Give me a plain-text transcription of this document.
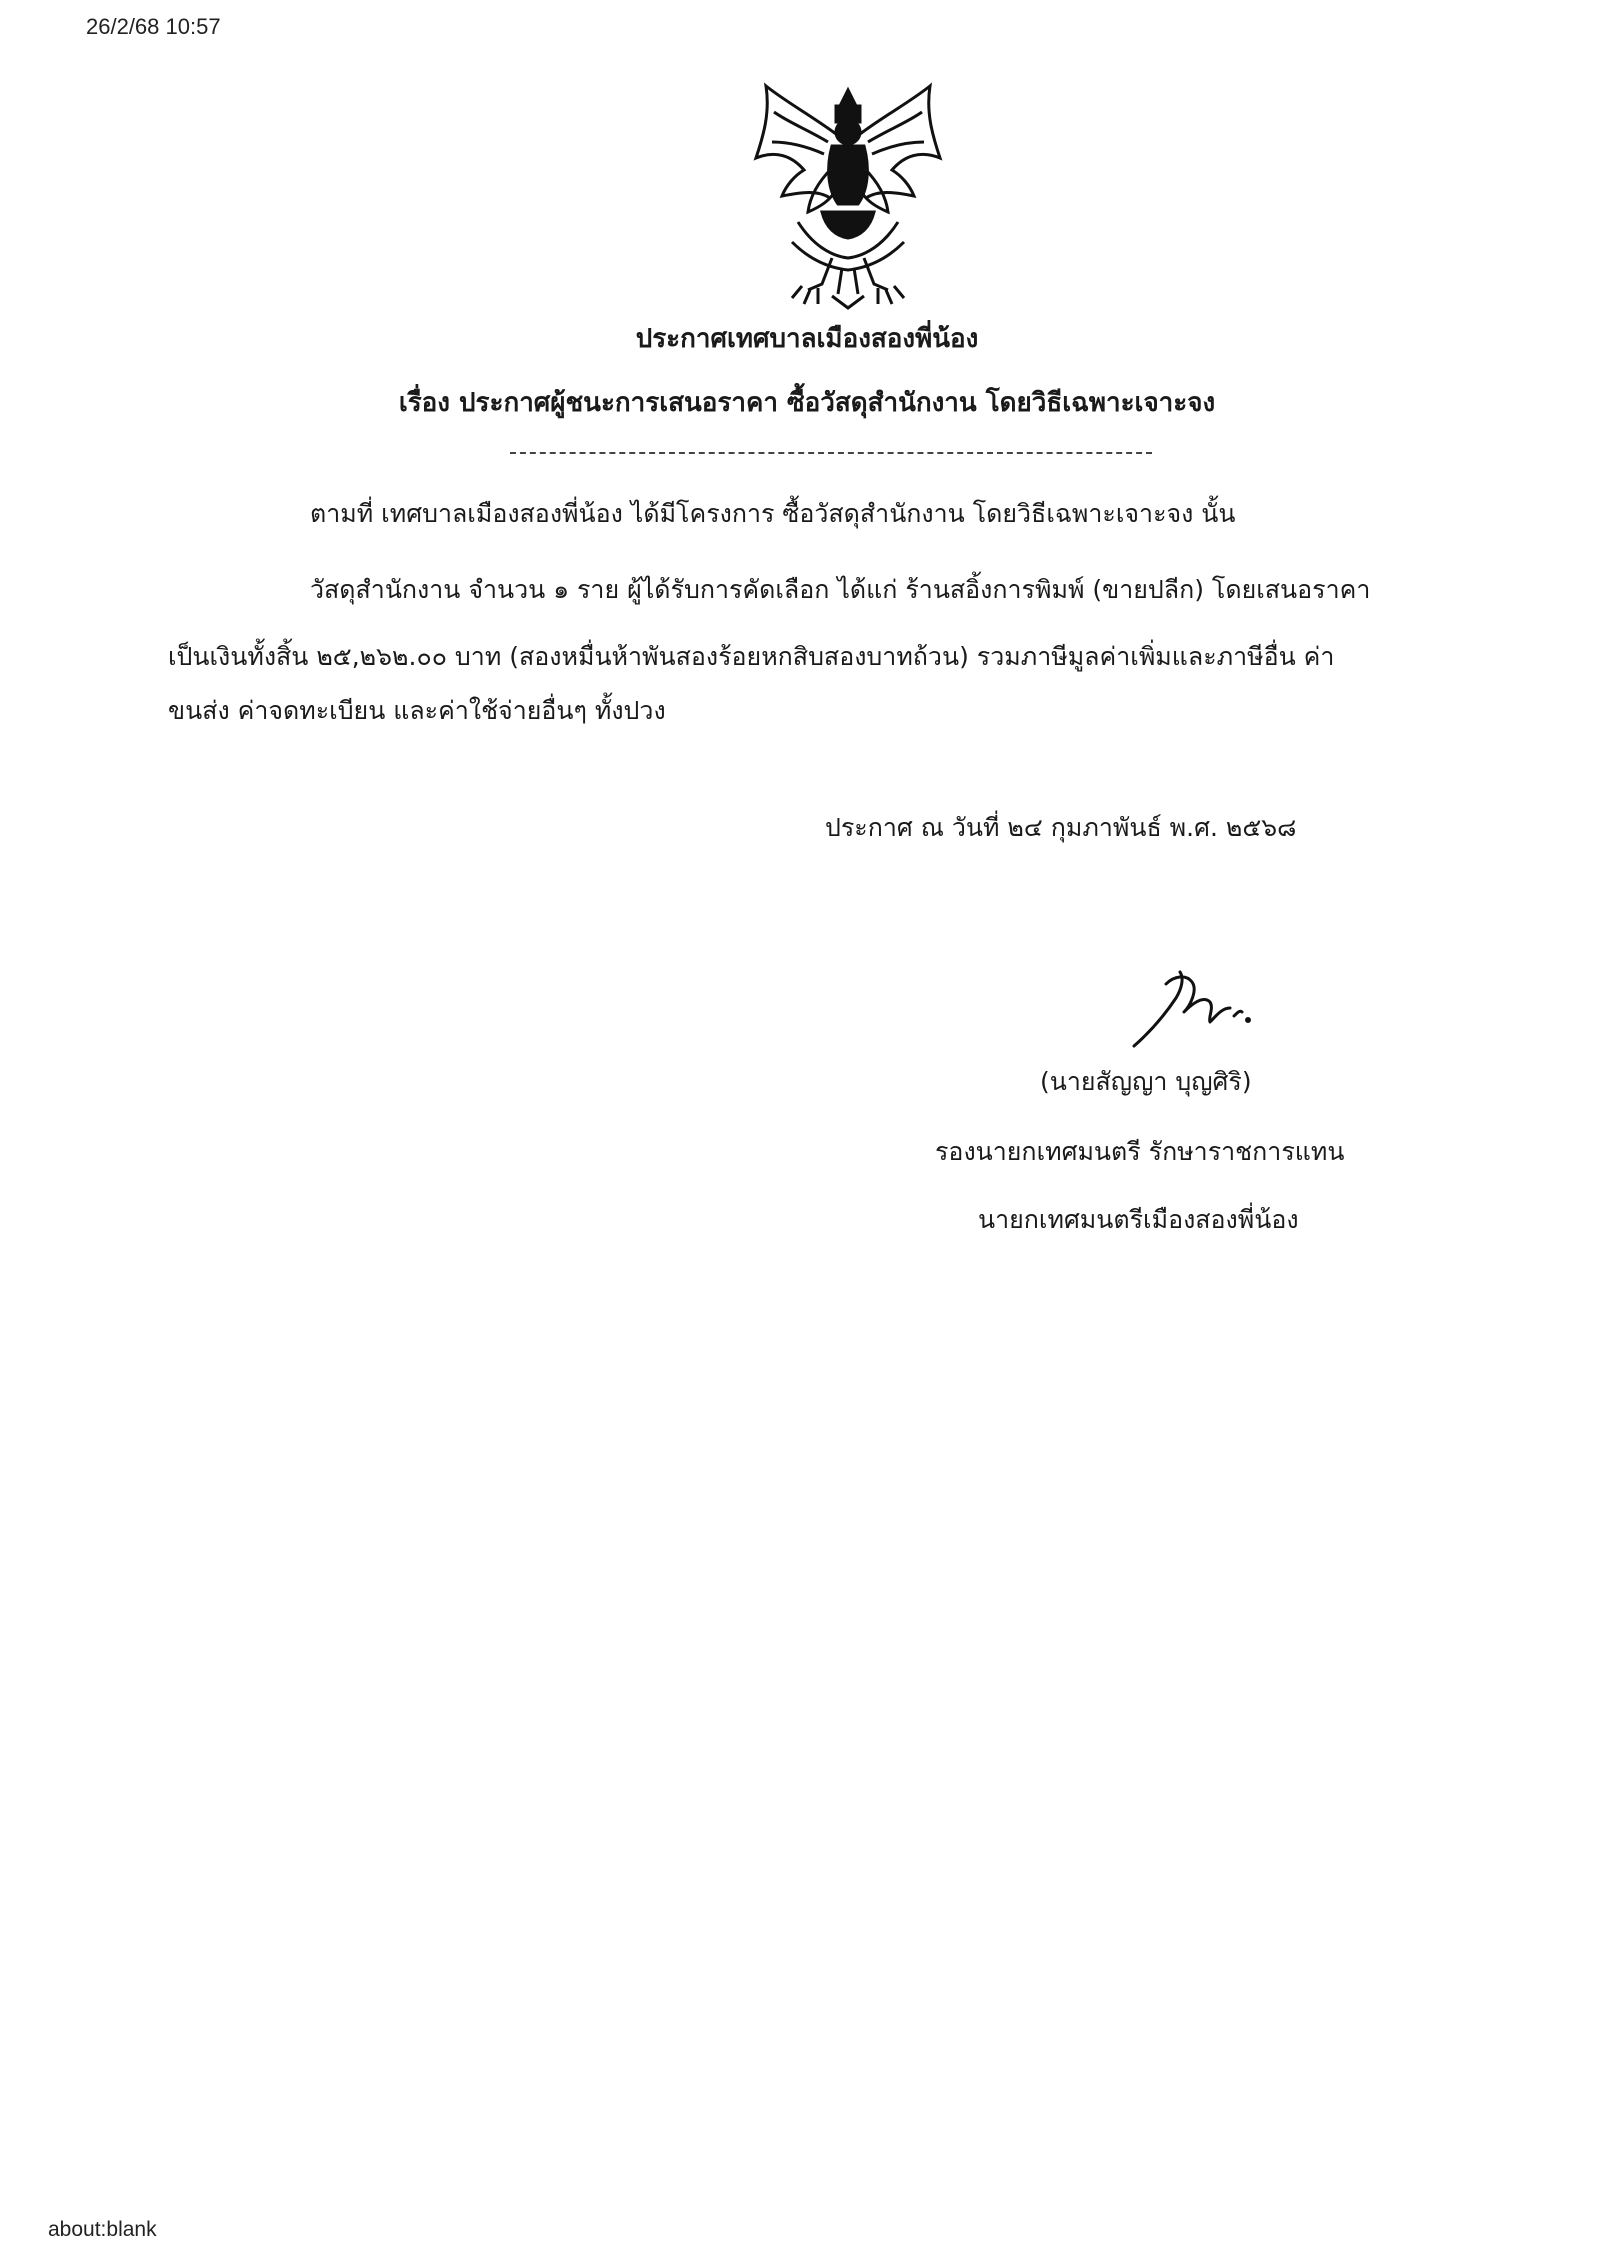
26/2/68 10:57
ประกาศเทศบาลเมืองสองพี่น้อง
เรื่อง ประกาศผู้ชนะการเสนอราคา ซื้อวัสดุสำนักงาน โดยวิธีเฉพาะเจาะจง
ตามที่ เทศบาลเมืองสองพี่น้อง ได้มีโครงการ ซื้อวัสดุสำนักงาน โดยวิธีเฉพาะเจาะจง นั้น
วัสดุสำนักงาน จำนวน ๑ ราย ผู้ได้รับการคัดเลือก ได้แก่ ร้านสอิ้งการพิมพ์ (ขายปลีก) โดยเสนอราคา
เป็นเงินทั้งสิ้น ๒๕,๒๖๒.๐๐ บาท (สองหมื่นห้าพันสองร้อยหกสิบสองบาทถ้วน) รวมภาษีมูลค่าเพิ่มและภาษีอื่น ค่า
ขนส่ง ค่าจดทะเบียน และค่าใช้จ่ายอื่นๆ ทั้งปวง
ประกาศ ณ วันที่ ๒๔ กุมภาพันธ์ พ.ศ. ๒๕๖๘
(นายสัญญา บุญศิริ)
รองนายกเทศมนตรี รักษาราชการแทน
นายกเทศมนตรีเมืองสองพี่น้อง
about:blank
